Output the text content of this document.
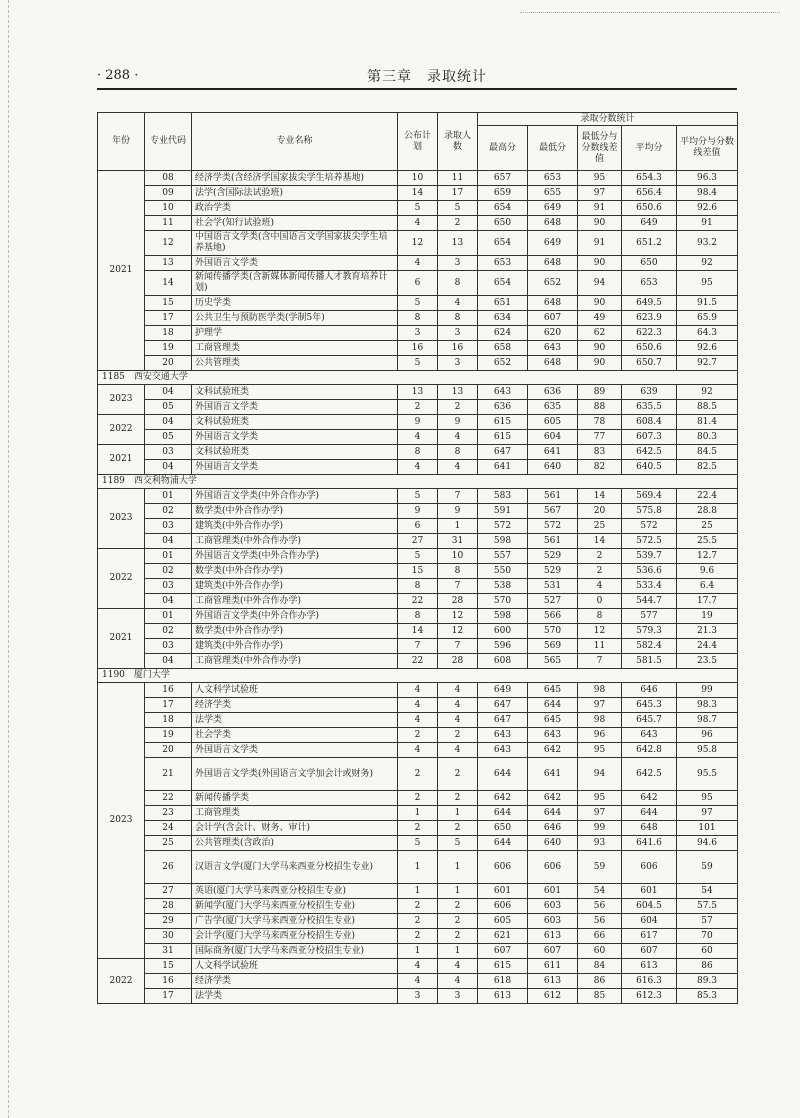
· 288 ·	第三章　录取统计
年份	专业代码	专业名称	公布计划	录取人数	录取分数统计				
					最高分	最低分	最低分与分数线差值	平均分	平均分与分数线差值
2021	08	经济学类(含经济学国家拔尖学生培养基地)	10	11	657	653	95	654.3	96.3
	09	法学(含国际法试验班)	14	17	659	655	97	656.4	98.4
	10	政治学类	5	5	654	649	91	650.6	92.6
	11	社会学(知行试验班)	4	2	650	648	90	649	91
	12	中国语言文学类(含中国语言文学国家拔尖学生培养基地)	12	13	654	649	91	651.2	93.2
	13	外国语言文学类	4	3	653	648	90	650	92
	14	新闻传播学类(含新媒体新闻传播人才教育培养计划)	6	8	654	652	94	653	95
	15	历史学类	5	4	651	648	90	649.5	91.5
	17	公共卫生与预防医学类(学制5年)	8	8	634	607	49	623.9	65.9
	18	护理学	3	3	624	620	62	622.3	64.3
	19	工商管理类	16	16	658	643	90	650.6	92.6
	20	公共管理类	5	3	652	648	90	650.7	92.7
1185　西安交通大学									
2023	04	文科试验班类	13	13	643	636	89	639	92
	05	外国语言文学类	2	2	636	635	88	635.5	88.5
2022	04	文科试验班类	9	9	615	605	78	608.4	81.4
	05	外国语言文学类	4	4	615	604	77	607.3	80.3
2021	03	文科试验班类	8	8	647	641	83	642.5	84.5
	04	外国语言文学类	4	4	641	640	82	640.5	82.5
1189　西交利物浦大学									
2023	01	外国语言文学类(中外合作办学)	5	7	583	561	14	569.4	22.4
	02	数学类(中外合作办学)	9	9	591	567	20	575.8	28.8
	03	建筑类(中外合作办学)	6	1	572	572	25	572	25
	04	工商管理类(中外合作办学)	27	31	598	561	14	572.5	25.5
2022	01	外国语言文学类(中外合作办学)	5	10	557	529	2	539.7	12.7
	02	数学类(中外合作办学)	15	8	550	529	2	536.6	9.6
	03	建筑类(中外合作办学)	8	7	538	531	4	533.4	6.4
	04	工商管理类(中外合作办学)	22	28	570	527	0	544.7	17.7
2021	01	外国语言文学类(中外合作办学)	8	12	598	566	8	577	19
	02	数学类(中外合作办学)	14	12	600	570	12	579.3	21.3
	03	建筑类(中外合作办学)	7	7	596	569	11	582.4	24.4
	04	工商管理类(中外合作办学)	22	28	608	565	7	581.5	23.5
1190　厦门大学									
2023	16	人文科学试验班	4	4	649	645	98	646	99
	17	经济学类	4	4	647	644	97	645.3	98.3
	18	法学类	4	4	647	645	98	645.7	98.7
	19	社会学类	2	2	643	643	96	643	96
	20	外国语言文学类	4	4	643	642	95	642.8	95.8
	21	外国语言文学类(外国语言文学加会计或财务)	2	2	644	641	94	642.5	95.5
	22	新闻传播学类	2	2	642	642	95	642	95
	23	工商管理类	1	1	644	644	97	644	97
	24	会计学(含会计、财务、审计)	2	2	650	646	99	648	101
	25	公共管理类(含政治)	5	5	644	640	93	641.6	94.6
	26	汉语言文学(厦门大学马来西亚分校招生专业)	1	1	606	606	59	606	59
	27	英语(厦门大学马来西亚分校招生专业)	1	1	601	601	54	601	54
	28	新闻学(厦门大学马来西亚分校招生专业)	2	2	606	603	56	604.5	57.5
	29	广告学(厦门大学马来西亚分校招生专业)	2	2	605	603	56	604	57
	30	会计学(厦门大学马来西亚分校招生专业)	2	2	621	613	66	617	70
	31	国际商务(厦门大学马来西亚分校招生专业)	1	1	607	607	60	607	60
2022	15	人文科学试验班	4	4	615	611	84	613	86
	16	经济学类	4	4	618	613	86	616.3	89.3
	17	法学类	3	3	613	612	85	612.3	85.3
